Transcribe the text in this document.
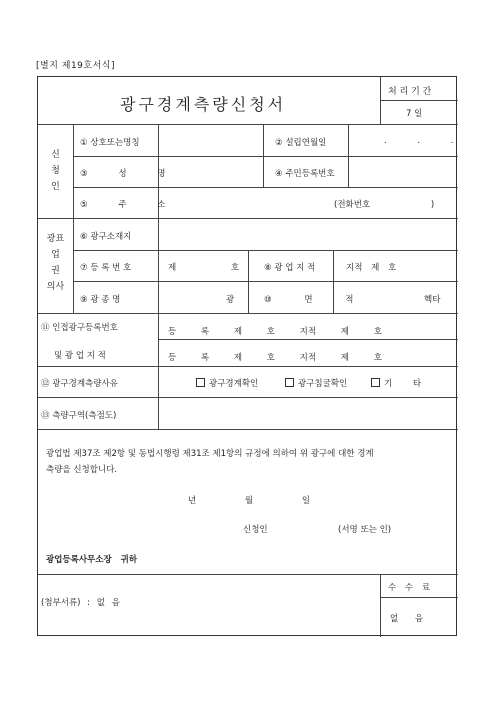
[별지 제19호서식]
처 리 기 간
7 일
신
청
인
① 상호또는명칭	② 설립연월일	. . .
③ 성 명	④ 주민등록번호
⑤ 주 소	(전화번호 )
광표
업
권
의사
⑥ 광구소재지
⑦ 등 록 번 호	제 호	⑧ 광 업 지 적	지적 제 호
⑨ 광 종 명	광	⑩ 면 적	헥타
⑪ 인접광구등록번호
및 광 업 지 적
등 록 제 호 지적 제 호
등 록 제 호 지적 제 호
⑫ 광구경계측량사유	광구경계확인	광구침굴확인	기 타
⑬ 측량구역(측점도)
광업법 제37조 제2항 및 동법시행령 제31조 제1항의 규정에 의하여 위 광구에 대한 경계
측량을 신청합니다.
년 월 일
신청인	(서명 또는 인)
광업등록사무소장 귀하
(첨부서류) : 없 음
수 수 료
없 음
광구경계측량신청서
